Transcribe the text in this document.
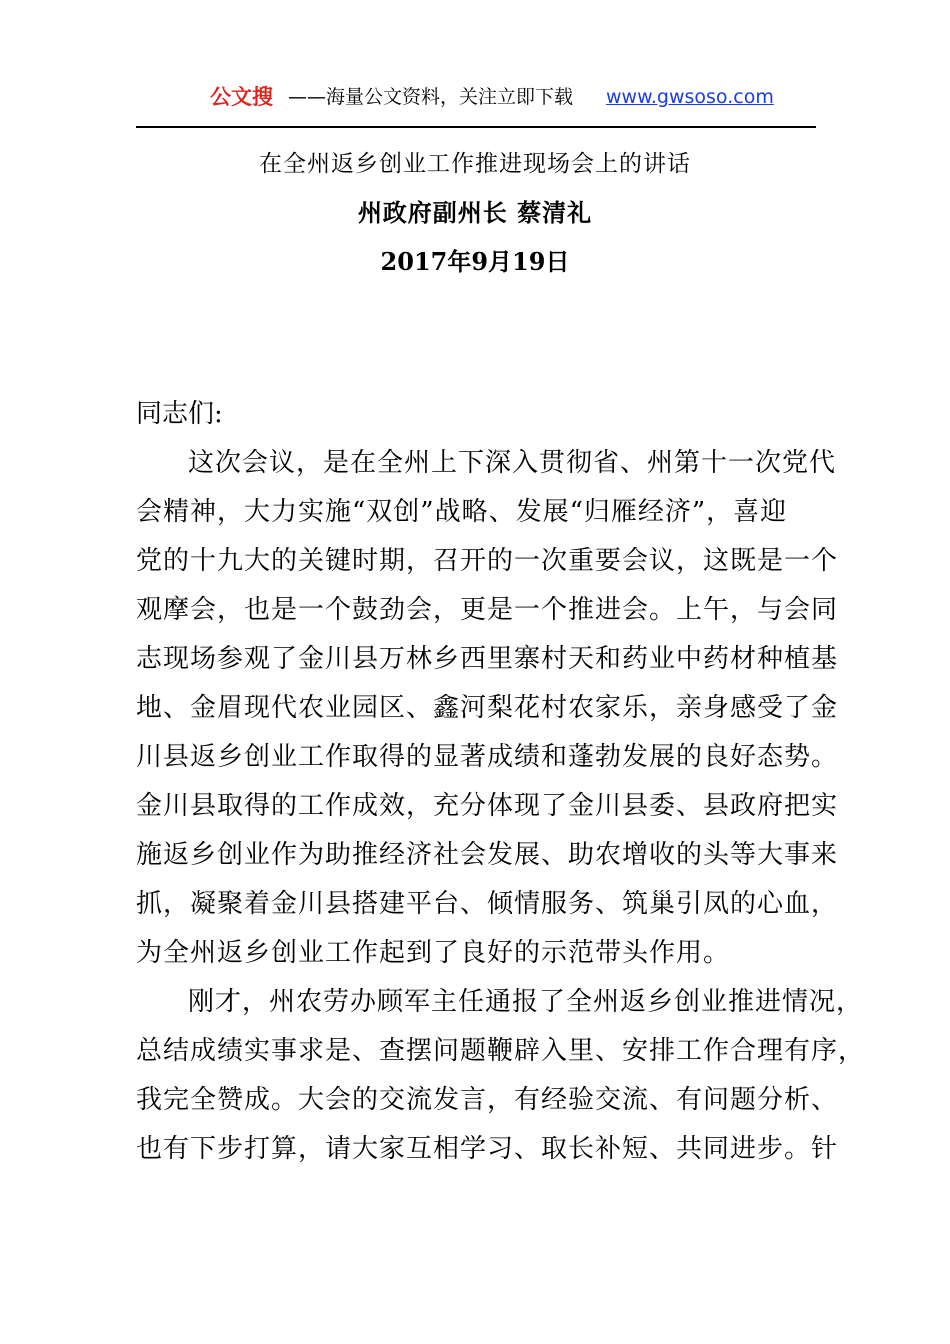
公文搜 ——海量公文资料，关注立即下载 www.gwsoso.com
在全州返乡创业工作推进现场会上的讲话
州政府副州长 蔡清礼
2017年9月19日

同志们:

这次会议，是在全州上下深入贯彻省、州第十一次党代
会精神，大力实施“双创”战略、发展“归雁经济”，喜迎
党的十九大的关键时期，召开的一次重要会议，这既是一个
观摩会，也是一个鼓劲会，更是一个推进会。上午，与会同
志现场参观了金川县万林乡西里寨村天和药业中药材种植基
地、金眉现代农业园区、鑫河梨花村农家乐，亲身感受了金
川县返乡创业工作取得的显著成绩和蓬勃发展的良好态势。
金川县取得的工作成效，充分体现了金川县委、县政府把实
施返乡创业作为助推经济社会发展、助农增收的头等大事来
抓，凝聚着金川县搭建平台、倾情服务、筑巢引凤的心血，
为全州返乡创业工作起到了良好的示范带头作用。

刚才，州农劳办顾军主任通报了全州返乡创业推进情况，
总结成绩实事求是、查摆问题鞭辟入里、安排工作合理有序，
我完全赞成。大会的交流发言，有经验交流、有问题分析、
也有下步打算，请大家互相学习、取长补短、共同进步。针
